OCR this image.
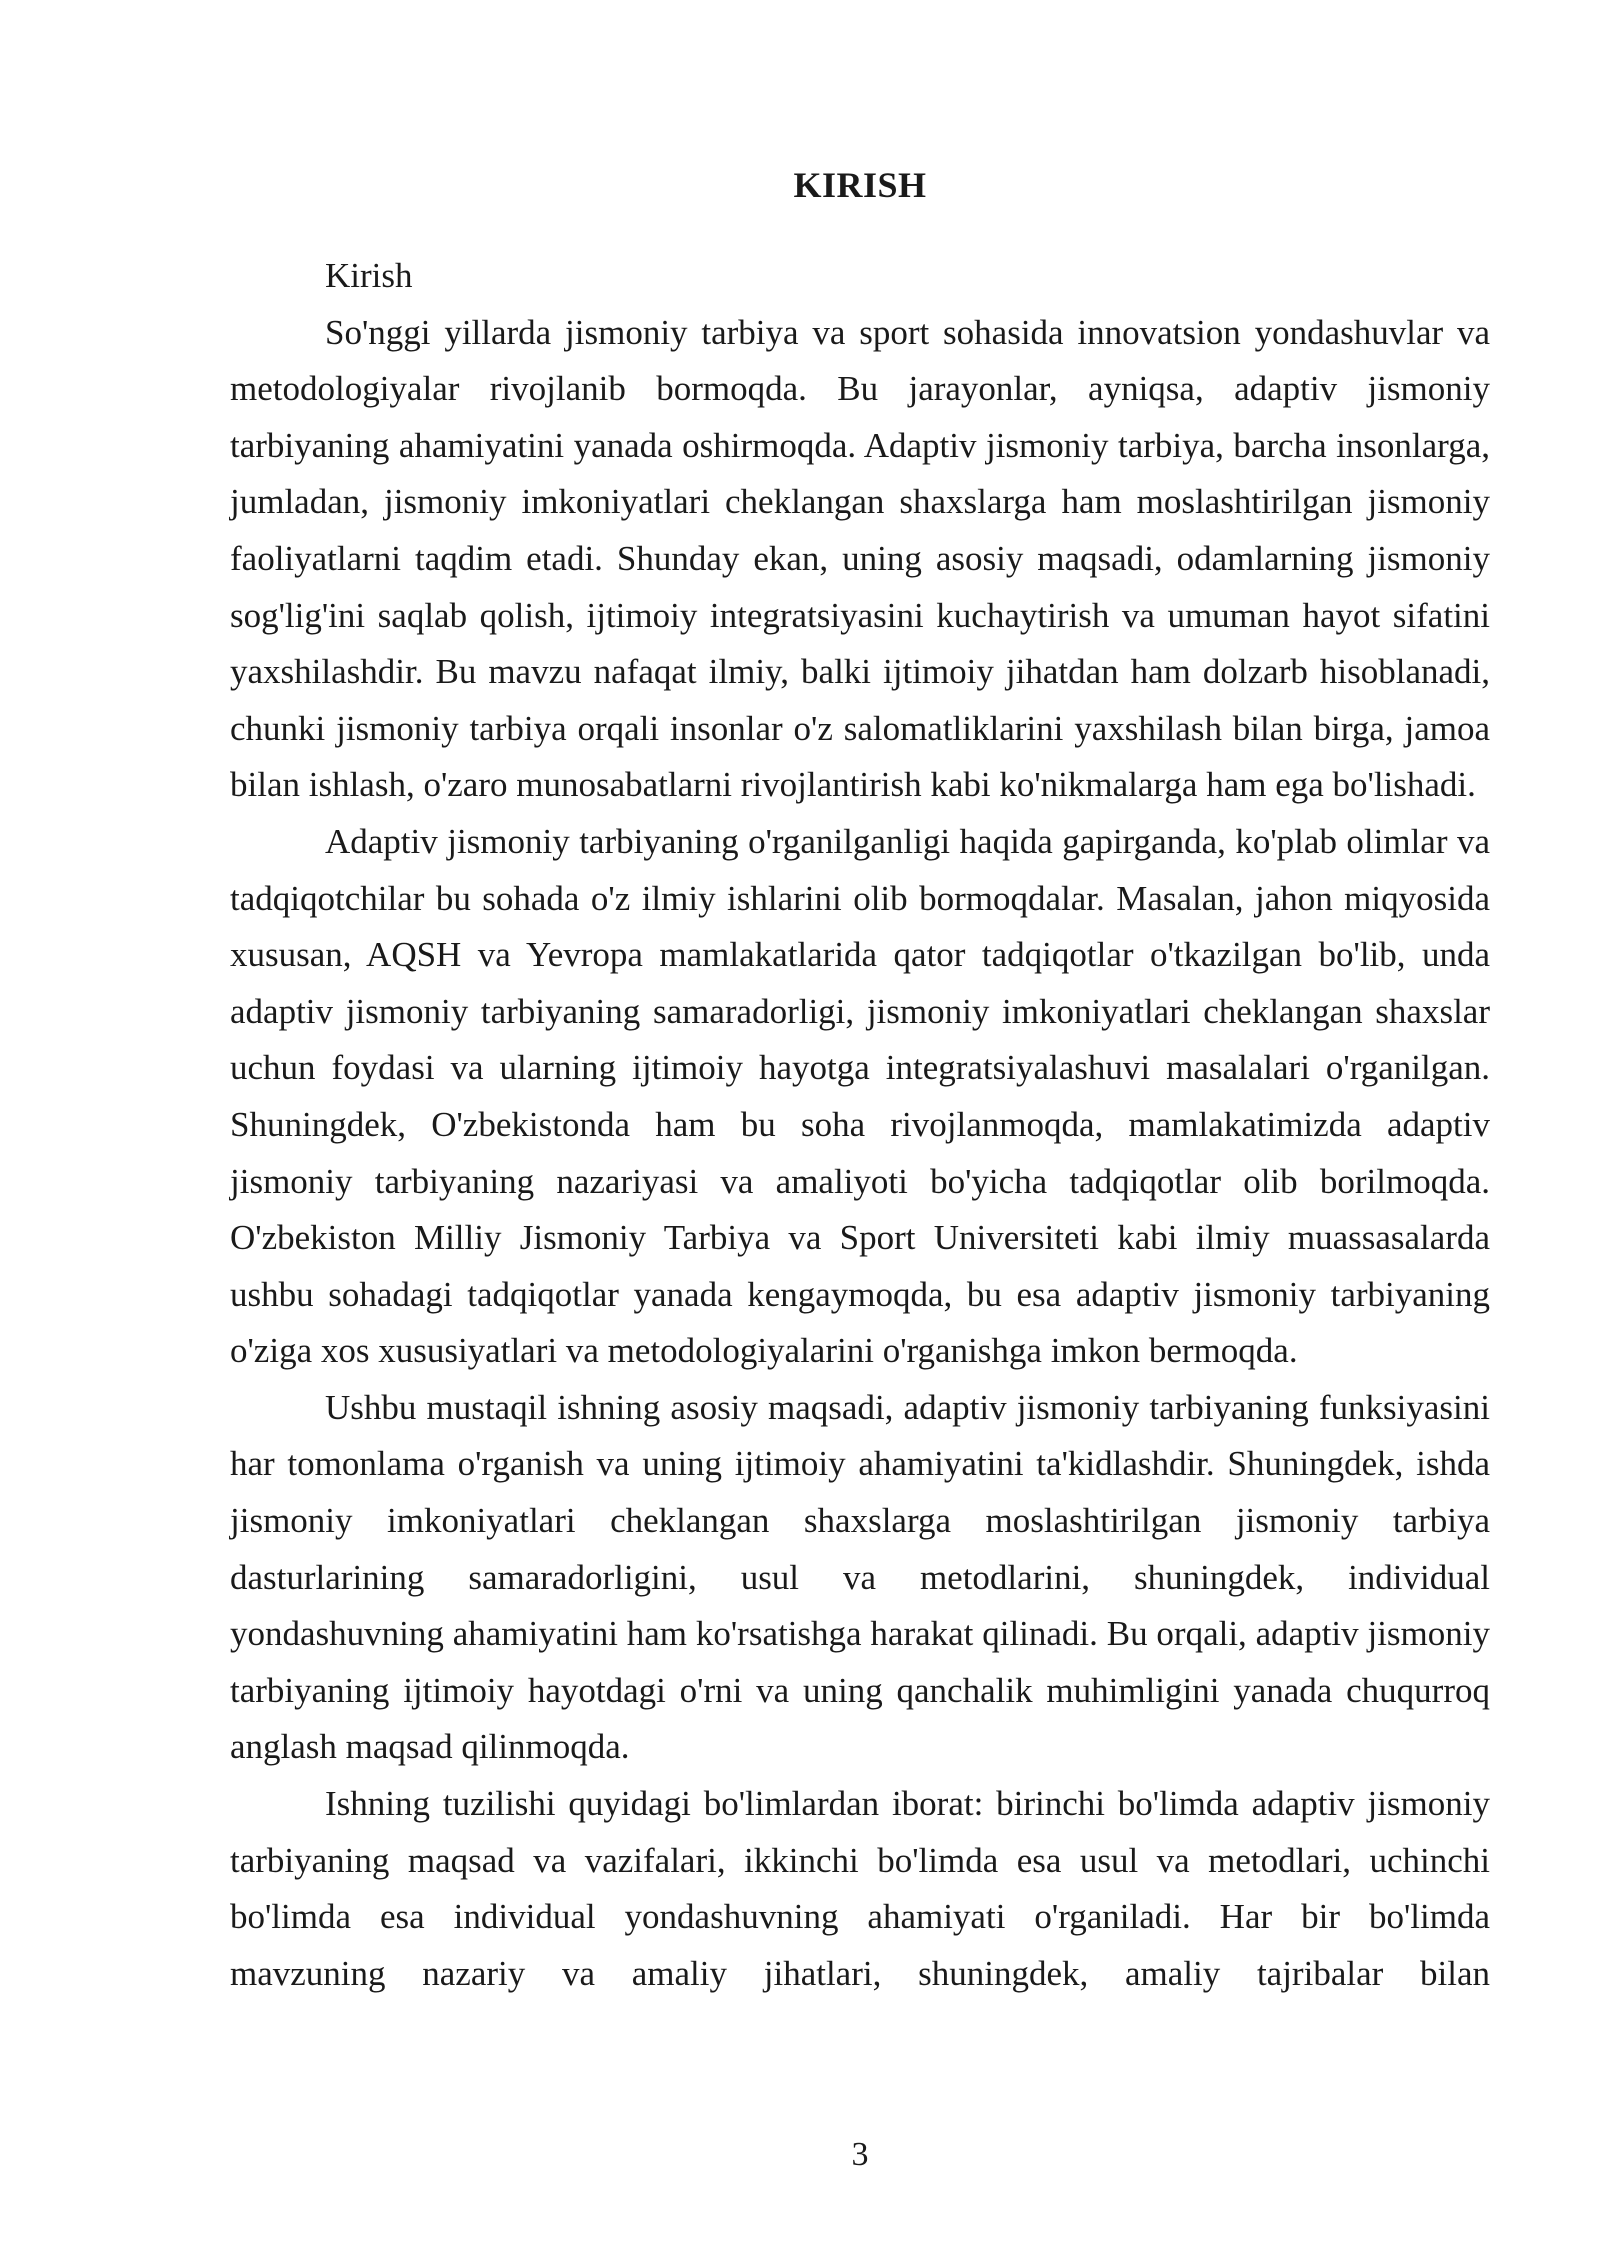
KIRISH

Kirish

So'nggi yillarda jismoniy tarbiya va sport sohasida innovatsion yondashuvlar va metodologiyalar rivojlanib bormoqda. Bu jarayonlar, ayniqsa, adaptiv jismoniy tarbiyaning ahamiyatini yanada oshirmoqda. Adaptiv jismoniy tarbiya, barcha insonlarga, jumladan, jismoniy imkoniyatlari cheklangan shaxslarga ham moslashtirilgan jismoniy faoliyatlarni taqdim etadi. Shunday ekan, uning asosiy maqsadi, odamlarning jismoniy sog'lig'ini saqlab qolish, ijtimoiy integratsiyasini kuchaytirish va umuman hayot sifatini yaxshilashdir. Bu mavzu nafaqat ilmiy, balki ijtimoiy jihatdan ham dolzarb hisoblanadi, chunki jismoniy tarbiya orqali insonlar o'z salomatliklarini yaxshilash bilan birga, jamoa bilan ishlash, o'zaro munosabatlarni rivojlantirish kabi ko'nikmalarga ham ega bo'lishadi.

Adaptiv jismoniy tarbiyaning o'rganilganligi haqida gapirganda, ko'plab olimlar va tadqiqotchilar bu sohada o'z ilmiy ishlarini olib bormoqdalar. Masalan, jahon miqyosida xususan, AQSH va Yevropa mamlakatlarida qator tadqiqotlar o'tkazilgan bo'lib, unda adaptiv jismoniy tarbiyaning samaradorligi, jismoniy imkoniyatlari cheklangan shaxslar uchun foydasi va ularning ijtimoiy hayotga integratsiyalashuvi masalalari o'rganilgan. Shuningdek, O'zbekistonda ham bu soha rivojlanmoqda, mamlakatimizda adaptiv jismoniy tarbiyaning nazariyasi va amaliyoti bo'yicha tadqiqotlar olib borilmoqda. O'zbekiston Milliy Jismoniy Tarbiya va Sport Universiteti kabi ilmiy muassasalarda ushbu sohadagi tadqiqotlar yanada kengaymoqda, bu esa adaptiv jismoniy tarbiyaning o'ziga xos xususiyatlari va metodologiyalarini o'rganishga imkon bermoqda.

Ushbu mustaqil ishning asosiy maqsadi, adaptiv jismoniy tarbiyaning funksiyasini har tomonlama o'rganish va uning ijtimoiy ahamiyatini ta'kidlashdir. Shuningdek, ishda jismoniy imkoniyatlari cheklangan shaxslarga moslashtirilgan jismoniy tarbiya dasturlarining samaradorligini, usul va metodlarini, shuningdek, individual yondashuvning ahamiyatini ham ko'rsatishga harakat qilinadi. Bu orqali, adaptiv jismoniy tarbiyaning ijtimoiy hayotdagi o'rni va uning qanchalik muhimligini yanada chuqurroq anglash maqsad qilinmoqda.

Ishning tuzilishi quyidagi bo'limlardan iborat: birinchi bo'limda adaptiv jismoniy tarbiyaning maqsad va vazifalari, ikkinchi bo'limda esa usul va metodlari, uchinchi bo'limda esa individual yondashuvning ahamiyati o'rganiladi. Har bir bo'limda mavzuning nazariy va amaliy jihatlari, shuningdek, amaliy tajribalar bilan

3
